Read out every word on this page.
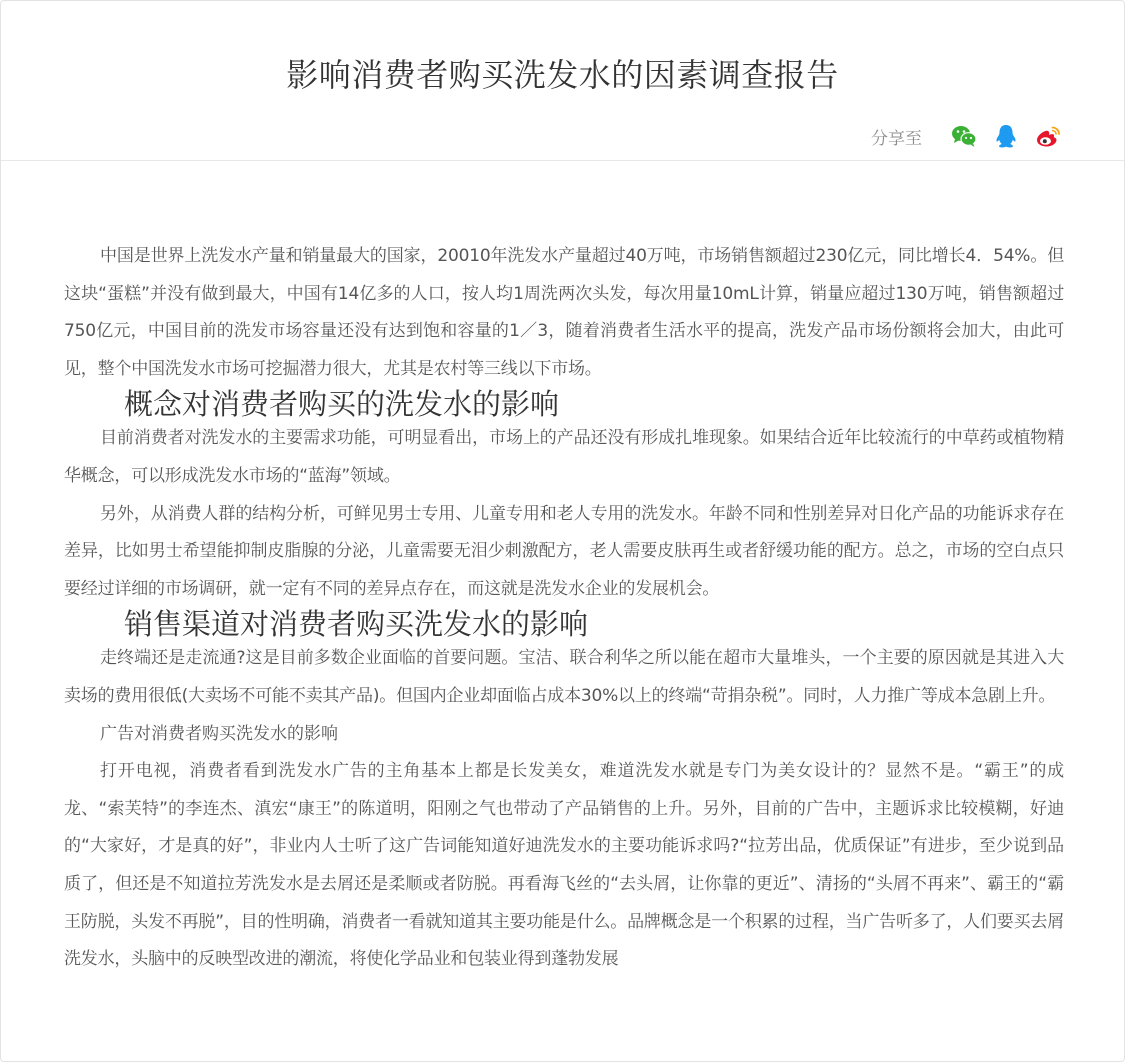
影响消费者购买洗发水的因素调查报告
分享至

中国是世界上洗发水产量和销量最大的国家，20010年洗发水产量超过40万吨，市场销售额超过230亿元，同比增长4．54%。但这块“蛋糕”并没有做到最大，中国有14亿多的人口，按人均1周洗两次头发，每次用量10mL计算，销量应超过130万吨，销售额超过750亿元，中国目前的洗发市场容量还没有达到饱和容量的1／3，随着消费者生活水平的提高，洗发产品市场份额将会加大，由此可见，整个中国洗发水市场可挖掘潜力很大，尤其是农村等三线以下市场。

概念对消费者购买的洗发水的影响

目前消费者对洗发水的主要需求功能，可明显看出，市场上的产品还没有形成扎堆现象。如果结合近年比较流行的中草药或植物精华概念，可以形成洗发水市场的“蓝海”领域。

另外，从消费人群的结构分析，可鲜见男士专用、儿童专用和老人专用的洗发水。年龄不同和性别差异对日化产品的功能诉求存在差异，比如男士希望能抑制皮脂腺的分泌，儿童需要无泪少刺激配方，老人需要皮肤再生或者舒缓功能的配方。总之，市场的空白点只要经过详细的市场调研，就一定有不同的差异点存在，而这就是洗发水企业的发展机会。

销售渠道对消费者购买洗发水的影响

走终端还是走流通?这是目前多数企业面临的首要问题。宝洁、联合利华之所以能在超市大量堆头，一个主要的原因就是其进入大卖场的费用很低(大卖场不可能不卖其产品)。但国内企业却面临占成本30%以上的终端“苛捐杂税”。同时，人力推广等成本急剧上升。

广告对消费者购买洗发水的影响

打开电视，消费者看到洗发水广告的主角基本上都是长发美女，难道洗发水就是专门为美女设计的？显然不是。“霸王”的成龙、“索芙特”的李连杰、滇宏“康王”的陈道明，阳刚之气也带动了产品销售的上升。另外，目前的广告中，主题诉求比较模糊，好迪的“大家好，才是真的好”，非业内人士听了这广告词能知道好迪洗发水的主要功能诉求吗?“拉芳出品，优质保证”有进步，至少说到品质了，但还是不知道拉芳洗发水是去屑还是柔顺或者防脱。再看海飞丝的“去头屑，让你靠的更近”、清扬的“头屑不再来”、霸王的“霸王防脱，头发不再脱”，目的性明确，消费者一看就知道其主要功能是什么。品牌概念是一个积累的过程，当广告听多了，人们要买去屑洗发水，头脑中的反映型改进的潮流，将使化学品业和包装业得到蓬勃发展
